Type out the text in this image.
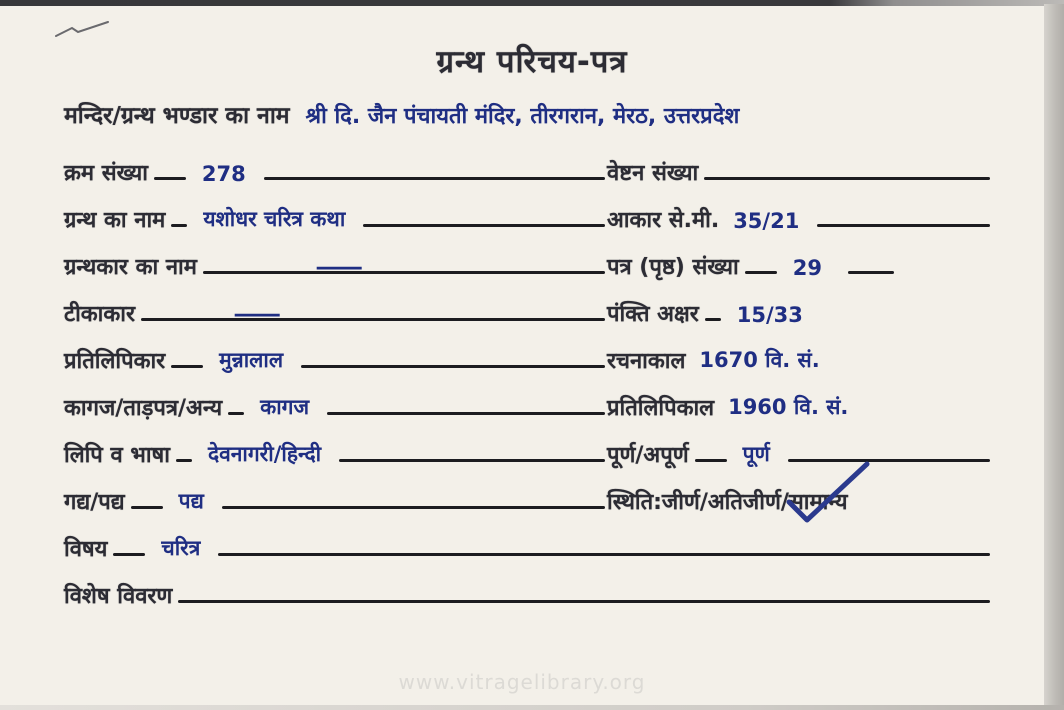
ग्रन्थ परिचय-पत्र
मन्दिर/ग्रन्थ भण्डार का नाम श्री दि. जैन पंचायती मंदिर, तीरगरान, मेरठ, उत्तरप्रदेश
क्रम संख्या	278	वेष्टन संख्या
ग्रन्थ का नाम यशोधर चरित्र कथा	आकार से.मी. 35/21
ग्रन्थकार का नाम	—	पत्र (पृष्ठ) संख्या	29
टीकाकार	—	पंक्ति अक्षर 15/33
प्रतिलिपिकार	मुन्नालाल	रचनाकाल 1670 वि. सं.
कागज/ताड़पत्र/अन्य कागज	प्रतिलिपिकाल 1960 वि. सं.
लिपि व भाषा देवनागरी/हिन्दी	पूर्ण/अपूर्ण	पूर्ण
गद्य/पद्य	पद्य	स्थिति:जीर्ण/अतिजीर्ण/ सामान्य
विषय	चरित्र
विशेष विवरण
www.vitragelibrary.org
